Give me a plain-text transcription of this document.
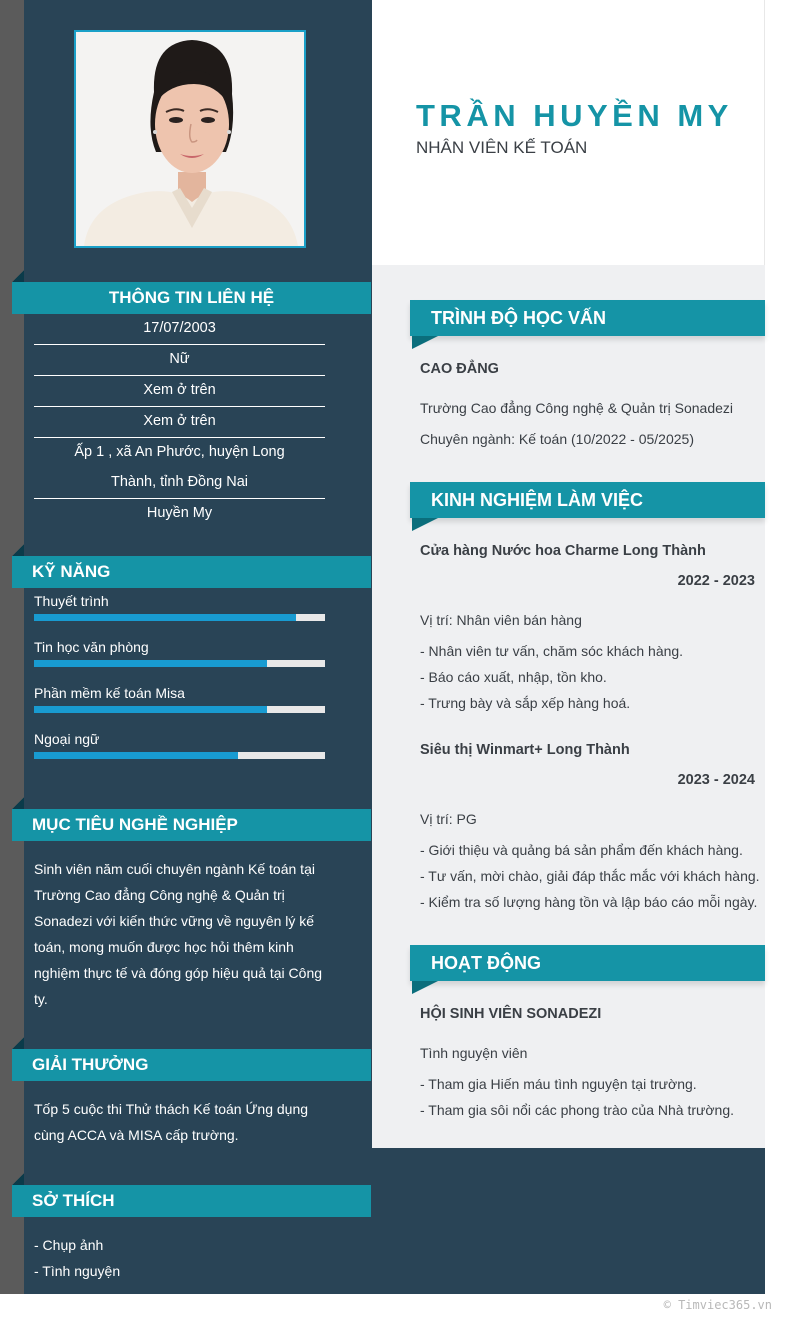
TRẦN HUYỀN MY
NHÂN VIÊN KẾ TOÁN
THÔNG TIN LIÊN HỆ
17/07/2003
Nữ
Xem ở trên
Xem ở trên
Ấp 1 , xã An Phước, huyện Long
Thành, tỉnh Đồng Nai
Huyền My
KỸ NĂNG
Thuyết trình
Tin học văn phòng
Phần mềm kế toán Misa
Ngoại ngữ
MỤC TIÊU NGHỀ NGHIỆP
Sinh viên năm cuối chuyên ngành Kế toán tại
Trường Cao đẳng Công nghệ & Quản trị
Sonadezi với kiến thức vững về nguyên lý kế
toán, mong muốn được học hỏi thêm kinh
nghiệm thực tế và đóng góp hiệu quả tại Công
ty.
GIẢI THƯỞNG
Tốp 5 cuộc thi Thử thách Kế toán Ứng dụng
cùng ACCA và MISA cấp trường.
SỞ THÍCH
- Chụp ảnh
- Tình nguyện
TRÌNH ĐỘ HỌC VẤN
CAO ĐẲNG
Trường Cao đẳng Công nghệ & Quản trị Sonadezi
Chuyên ngành: Kế toán (10/2022 - 05/2025)
KINH NGHIỆM LÀM VIỆC
Cửa hàng Nước hoa Charme Long Thành
2022 - 2023
Vị trí: Nhân viên bán hàng
- Nhân viên tư vấn, chăm sóc khách hàng.
- Báo cáo xuất, nhập, tồn kho.
- Trưng bày và sắp xếp hàng hoá.
Siêu thị Winmart+ Long Thành
2023 - 2024
Vị trí: PG
- Giới thiệu và quảng bá sản phẩm đến khách hàng.
- Tư vấn, mời chào, giải đáp thắc mắc với khách hàng.
- Kiểm tra số lượng hàng tồn và lập báo cáo mỗi ngày.
HOẠT ĐỘNG
HỘI SINH VIÊN SONADEZI
Tình nguyện viên
- Tham gia Hiến máu tình nguyện tại trường.
- Tham gia sôi nổi các phong trào của Nhà trường.
© Timviec365.vn
